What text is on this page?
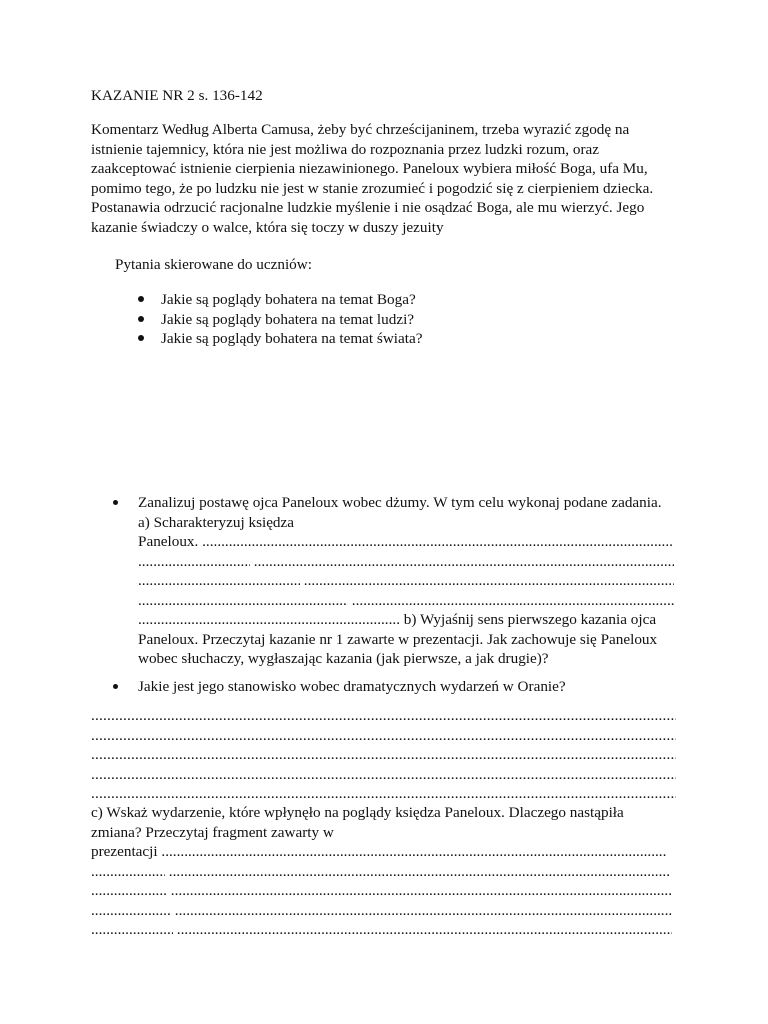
KAZANIE NR 2 s. 136-142

Komentarz Według Alberta Camusa, żeby być chrześcijaninem, trzeba wyrazić zgodę na
istnienie tajemnicy, która nie jest możliwa do rozpoznania przez ludzki rozum, oraz
zaakceptować istnienie cierpienia niezawinionego. Paneloux wybiera miłość Boga, ufa Mu,
pomimo tego, że po ludzku nie jest w stanie zrozumieć i pogodzić się z cierpieniem dziecka.
Postanawia odrzucić racjonalne ludzkie myślenie i nie osądzać Boga, ale mu wierzyć. Jego
kazanie świadczy o walce, która się toczy w duszy jezuity

Pytania skierowane do uczniów:

Jakie są poglądy bohatera na temat Boga?
Jakie są poglądy bohatera na temat ludzi?
Jakie są poglądy bohatera na temat świata?
Zanalizuj postawę ojca Paneloux wobec dżumy. W tym celu wykonaj podane zadania.
a) Scharakteryzuj księdza
Paneloux. .....
..... .....
..... .....
..... .....
..... b) Wyjaśnij sens pierwszego kazania ojca
Paneloux. Przeczytaj kazanie nr 1 zawarte w prezentacji. Jak zachowuje się Paneloux
wobec słuchaczy, wygłaszając kazania (jak pierwsze, a jak drugie)?
Jakie jest jego stanowisko wobec dramatycznych wydarzeń w Oranie?
.....
.....
.....
.....
.....
c) Wskaż wydarzenie, które wpłynęło na poglądy księdza Paneloux. Dlaczego nastąpiła
zmiana? Przeczytaj fragment zawarty w
prezentacji .....
..... .....
..... .....
..... .....
..... .....
